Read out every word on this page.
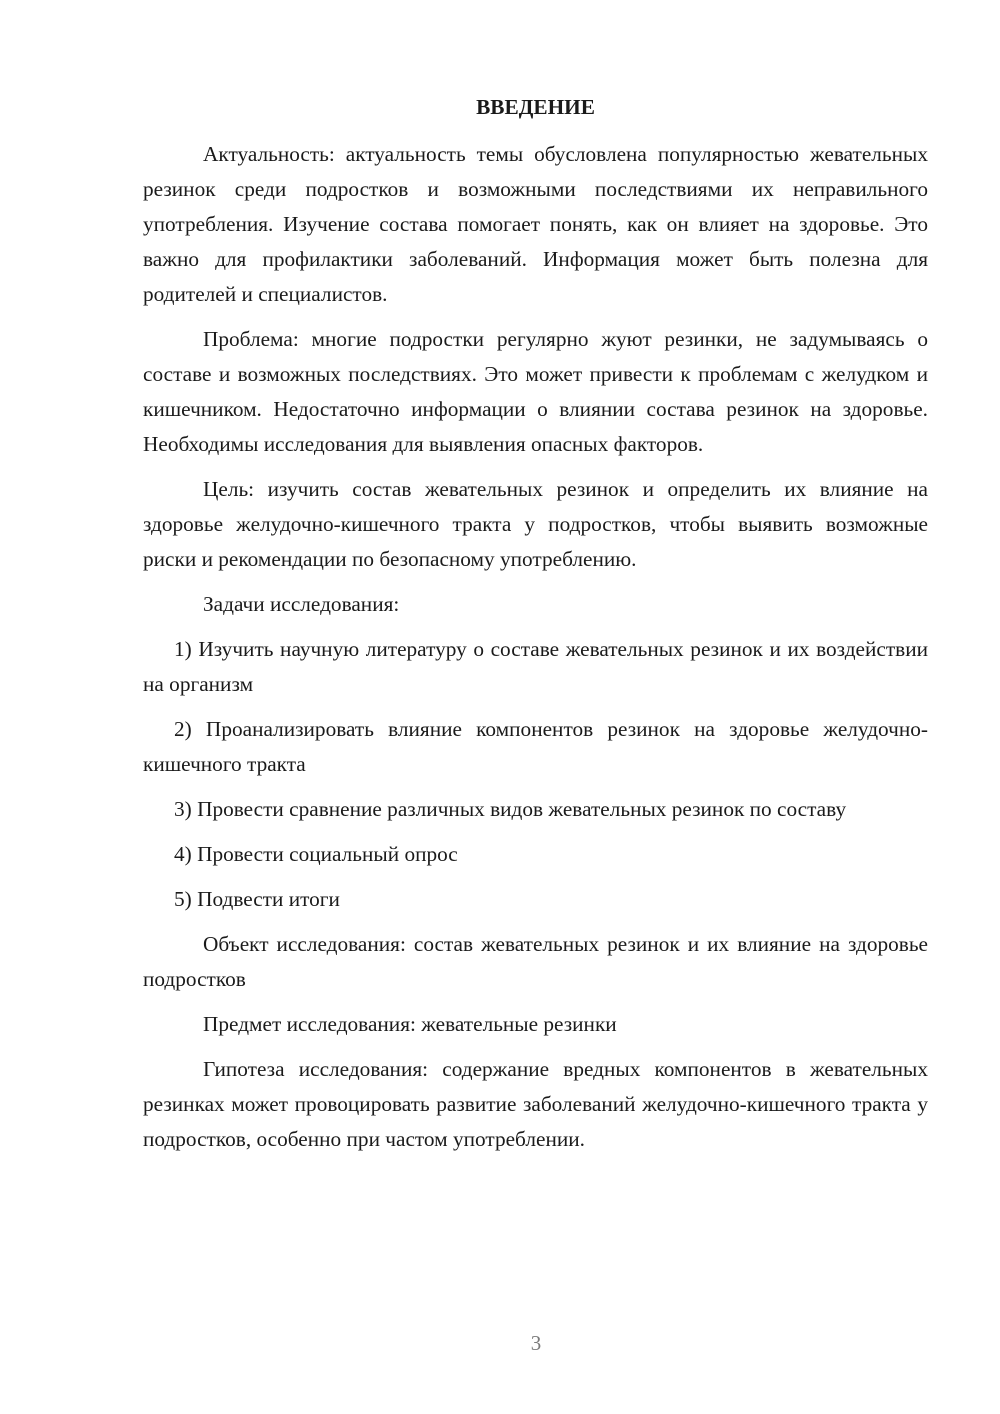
ВВЕДЕНИЕ

Актуальность: актуальность темы обусловлена популярностью жевательных резинок среди подростков и возможными последствиями их неправильного употребления. Изучение состава помогает понять, как он влияет на здоровье. Это важно для профилактики заболеваний. Информация может быть полезна для родителей и специалистов.

Проблема: многие подростки регулярно жуют резинки, не задумываясь о составе и возможных последствиях. Это может привести к проблемам с желудком и кишечником. Недостаточно информации о влиянии состава резинок на здоровье. Необходимы исследования для выявления опасных факторов.

Цель: изучить состав жевательных резинок и определить их влияние на здоровье желудочно-кишечного тракта у подростков, чтобы выявить возможные риски и рекомендации по безопасному употреблению.

Задачи исследования:

1) Изучить научную литературу о составе жевательных резинок и их воздействии на организм

2) Проанализировать влияние компонентов резинок на здоровье желудочно-кишечного тракта

3) Провести сравнение различных видов жевательных резинок по составу

4) Провести социальный опрос

5) Подвести итоги

Объект исследования: состав жевательных резинок и их влияние на здоровье подростков

Предмет исследования: жевательные резинки

Гипотеза исследования: содержание вредных компонентов в жевательных резинках может провоцировать развитие заболеваний желудочно-кишечного тракта у подростков, особенно при частом употреблении.

3
